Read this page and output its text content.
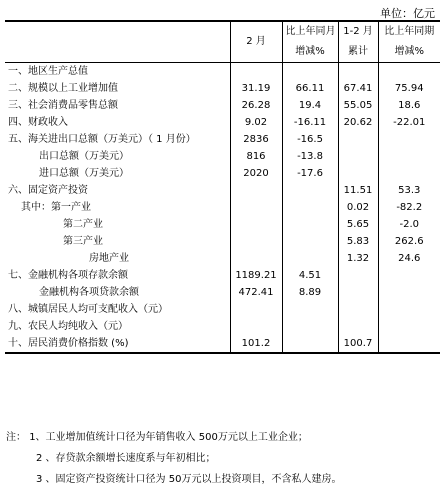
单位：亿元
	2 月	比上年同月	1-2 月	比上年同期
		增减%	累计	增减%
一、地区生产总值				
二、规模以上工业增加值	31.19	66.11	67.41	75.94
三、社会消费品零售总额	26.28	19.4	55.05	18.6
四、财政收入	9.02	-16.11	20.62	-22.01
五、海关进出口总额（万美元）（ 1 月份）	2836	-16.5		
出口总额（万美元）	816	-13.8		
进口总额（万美元）	2020	-17.6		
六、固定资产投资			11.51	53.3
其中：第一产业			0.02	-82.2
第二产业			5.65	-2.0
第三产业			5.83	262.6
房地产业			1.32	24.6
七、金融机构各项存款余额	1189.21	4.51		
金融机构各项贷款余额	472.41	8.89		
八、城镇居民人均可支配收入（元）				
九、农民人均纯收入（元）				
十、居民消费价格指数 (%)	101.2		100.7	
注： 1、工业增加值统计口径为年销售收入 500万元以上工业企业；
2 、存贷款余额增长速度系与年初相比；
3 、固定资产投资统计口径为 50万元以上投资项目，不含私人建房。
